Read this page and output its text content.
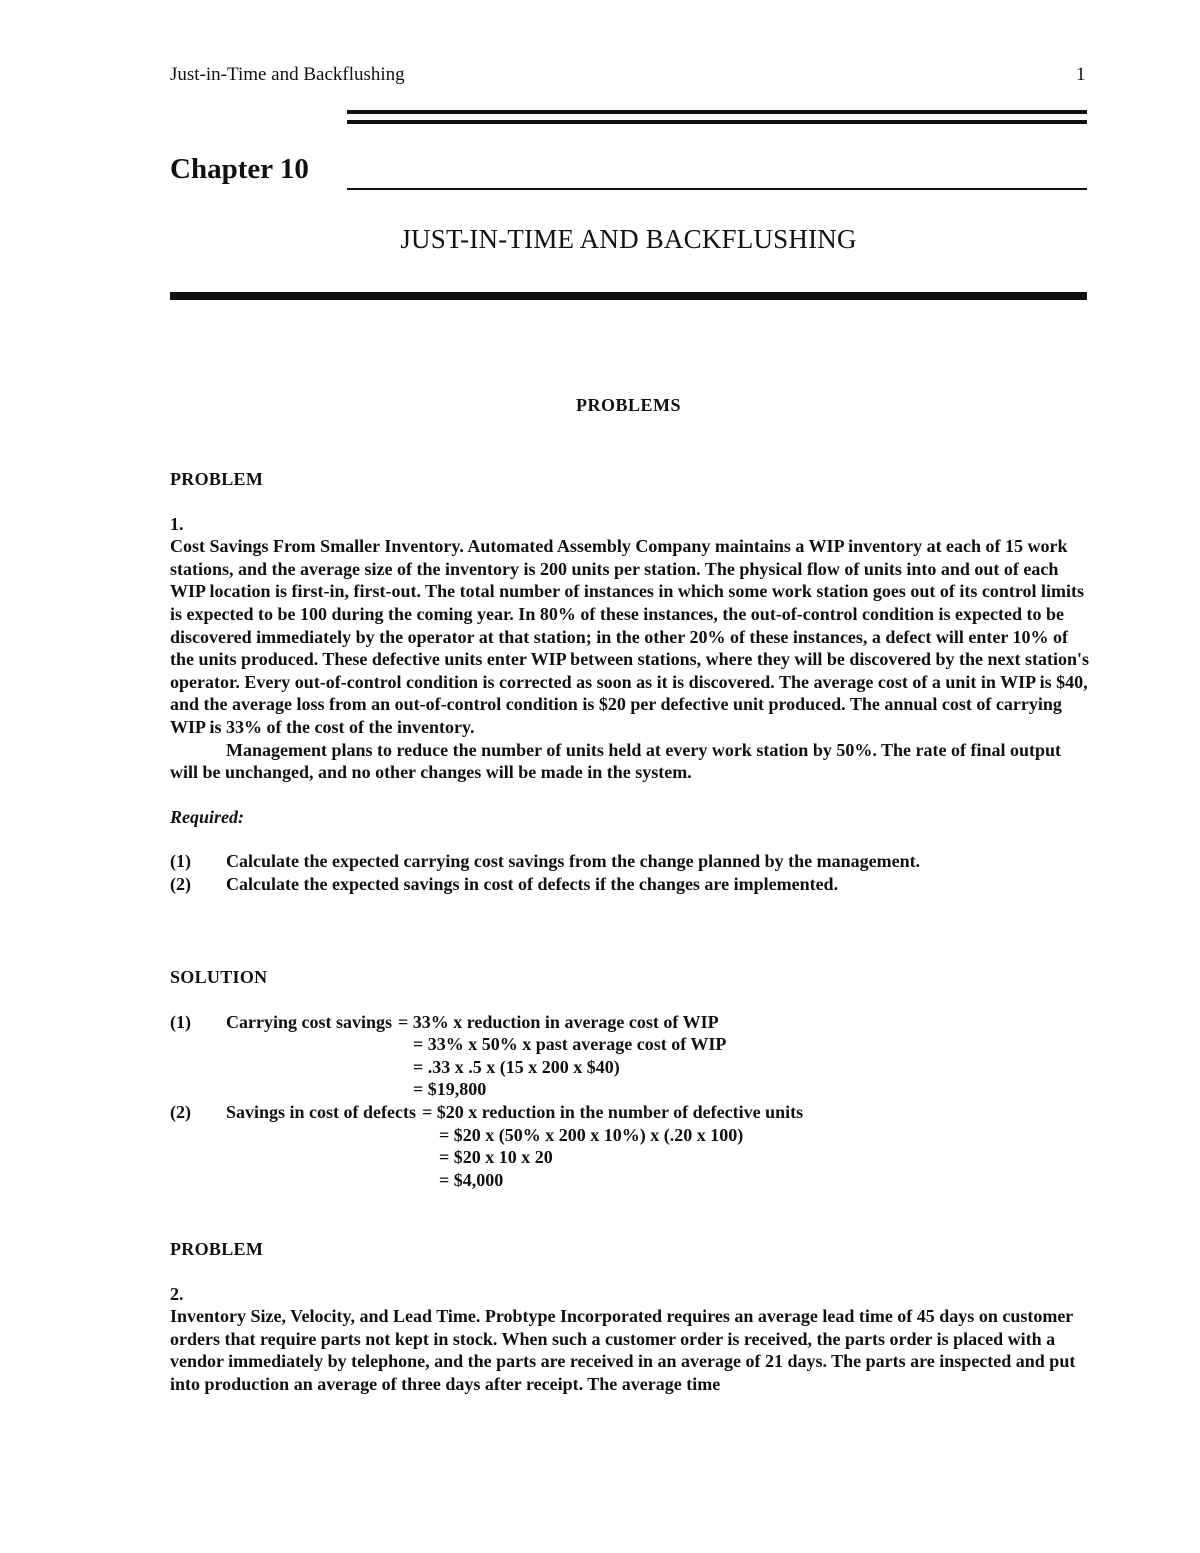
Just-in-Time and Backflushing	1
Chapter 10
JUST-IN-TIME AND BACKFLUSHING
PROBLEMS

PROBLEM

1.

Cost Savings From Smaller Inventory. Automated Assembly Company maintains a WIP inventory at each of 15 work stations, and the average size of the inventory is 200 units per station. The physical flow of units into and out of each WIP location is first-in, first-out. The total number of instances in which some work station goes out of its control limits is expected to be 100 during the coming year. In 80% of these instances, the out-of-control condition is expected to be discovered immediately by the operator at that station; in the other 20% of these instances, a defect will enter 10% of the units produced. These defective units enter WIP between stations, where they will be discovered by the next station's operator. Every out-of-control condition is corrected as soon as it is discovered. The average cost of a unit in WIP is $40, and the average loss from an out-of-control condition is $20 per defective unit produced. The annual cost of carrying WIP is 33% of the cost of the inventory.

Management plans to reduce the number of units held at every work station by 50%. The rate of final output will be unchanged, and no other changes will be made in the system.

Required:

(1)	Calculate the expected carrying cost savings from the change planned by the management.
(2)	Calculate the expected savings in cost of defects if the changes are implemented.

SOLUTION

(1)	Carrying cost savings = 33% x reduction in average cost of WIP
= 33% x 50% x past average cost of WIP
= .33 x .5 x (15 x 200 x $40)
= $19,800
(2)	Savings in cost of defects = $20 x reduction in the number of defective units
= $20 x (50% x 200 x 10%) x (.20 x 100)
= $20 x 10 x 20
= $4,000

PROBLEM

2.

Inventory Size, Velocity, and Lead Time. Probtype Incorporated requires an average lead time of 45 days on customer orders that require parts not kept in stock. When such a customer order is received, the parts order is placed with a vendor immediately by telephone, and the parts are received in an average of 21 days. The parts are inspected and put into production an average of three days after receipt. The average time
